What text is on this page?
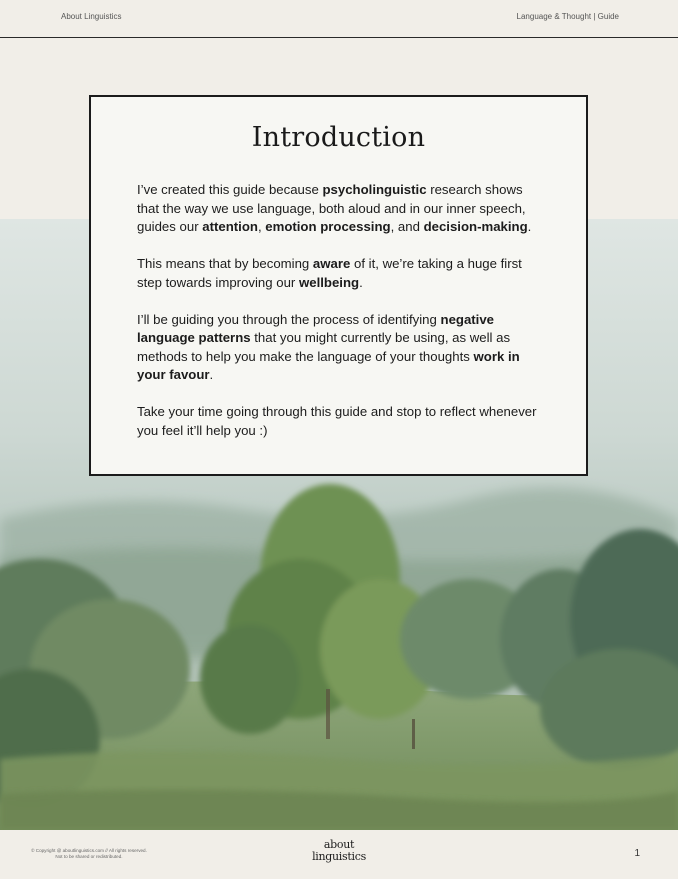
About Linguistics	Language & Thought | Guide
Introduction

I’ve created this guide because psycholinguistic research shows that the way we use language, both aloud and in our inner speech, guides our attention, emotion processing, and decision-making.

This means that by becoming aware of it, we’re taking a huge first step towards improving our wellbeing.

I’ll be guiding you through the process of identifying negative language patterns that you might currently be using, as well as methods to help you make the language of your thoughts work in your favour.

Take your time going through this guide and stop to reflect whenever you feel it’ll help you :)

© Copyright @ aboutlinguistics.com // All rights reserved. Not to be shared or redistributed.
about
linguistics	1
